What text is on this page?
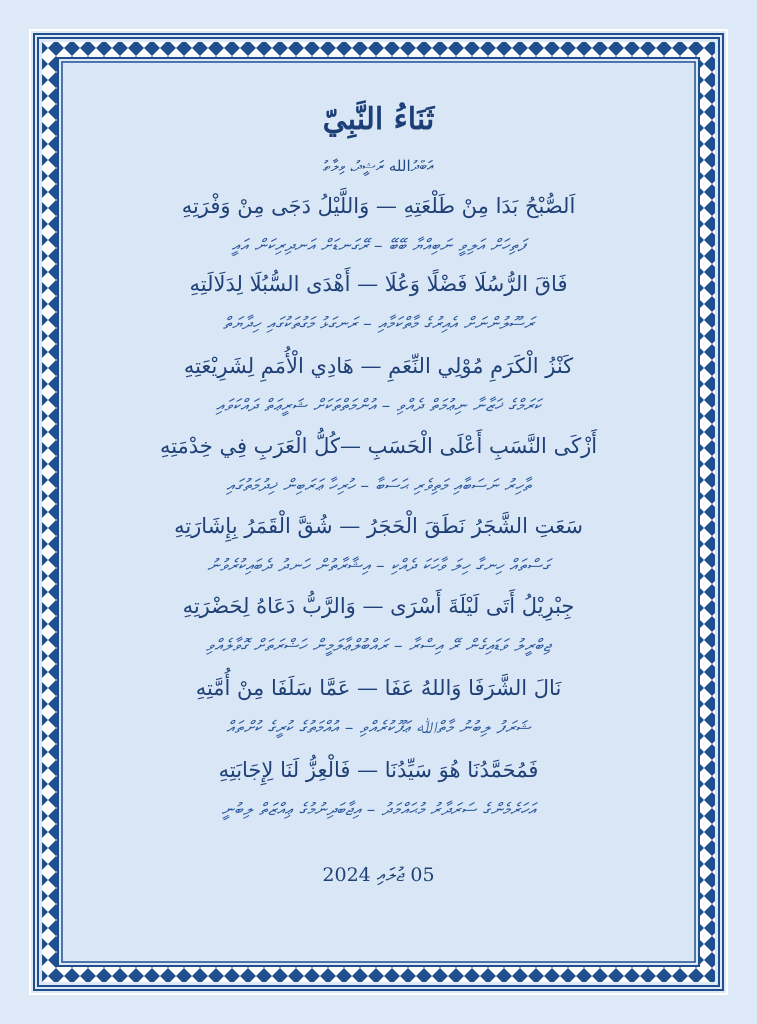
ثَنَاءُ النَّبِيّ
އަބްދުالله ރަޝީދު، ވިލާތު
اَلصُّبْحُ بَدَا مِنْ طَلْعَتِهِ — وَاللَّيْلُ دَجَى مِنْ وَفْرَتِهِ
ފަތިހަށް އަލިވީ ނަބިއްޔާ ބޭބޭ – ރޭގަނޑަށް އަނދިރިކަން އައީ
فَاقَ الرُّسُلَا فَضْلًا وَعُلَا — أَهْدَى السُّبُلَا لِدَلَالَتِهِ
ރަސޫލުންނަށް އެއިރުގެ މާތްކަމާއި – ރަނގަޅު މަގުތަކުގައި ހިދާޔަތް
كَنْزُ الْكَرَمِ مُوْلِي النِّعَمِ — هَادِي الْأُمَمِ لِشَرِيْعَتِهِ
ކަރަމްގެ ޚަޒާނާ ނިޢުމަތް ދެއްވި – އުންމަތްތަކަށް ޝަރީޢަތް ދައްކަވައި
أَزْكَى النَّسَبِ أَعْلَى الْحَسَبِ —كُلُّ الْعَرَبِ فِي خِدْمَتِهِ
ތާހިރު ނަސަބާއި މަތިވެރި ޙަސަބާ – ހުރިހާ ޢަރަބިން ޚިދުމަތުގައި
سَعَتِ الشَّجَرُ نَطَقَ الْحَجَرُ — شُقَّ الْقَمَرُ بِإِشَارَتِهِ
ގަސްތައް ހިނގާ ހިލަ ވާހަކަ ދެއްކި – އިޝާރާތުން ހަނދު ދެބައިކުރެވުނު
جِبْرِيْلُ أَتَى لَيْلَةَ أَسْرَى — وَالرَّبُّ دَعَاهُ لِحَضْرَتِهِ
ޖިބްރީލު ވަޑައިގެން ރޭ އިސްރާ – ރައްބުލްޢާލަމީން ހަޟްރަތަށް ގޮވާލެއްވި
نَالَ الشَّرَفَا وَاللهُ عَفَا — عَمَّا سَلَفَا مِنْ أُمَّتِهِ
ޝަރަފު ލިބުނު މާތްﷲ ޢަފޫކުރެއްވި – އުއްމަތުގެ ކުރީގެ ކުށްތައް
فَمُحَمَّدُنَا هُوَ سَيِّدُنَا — فَالْعِزُّ لَنَا لِإِجَابَتِهِ
އަހަރެމެންގެ ސަރަދާރު މުޙައްމަދު – އިޖާބަދިނުމުގެ ޢިއްޒަތް ލިބުނީ
05 ޖުލައި 2024
